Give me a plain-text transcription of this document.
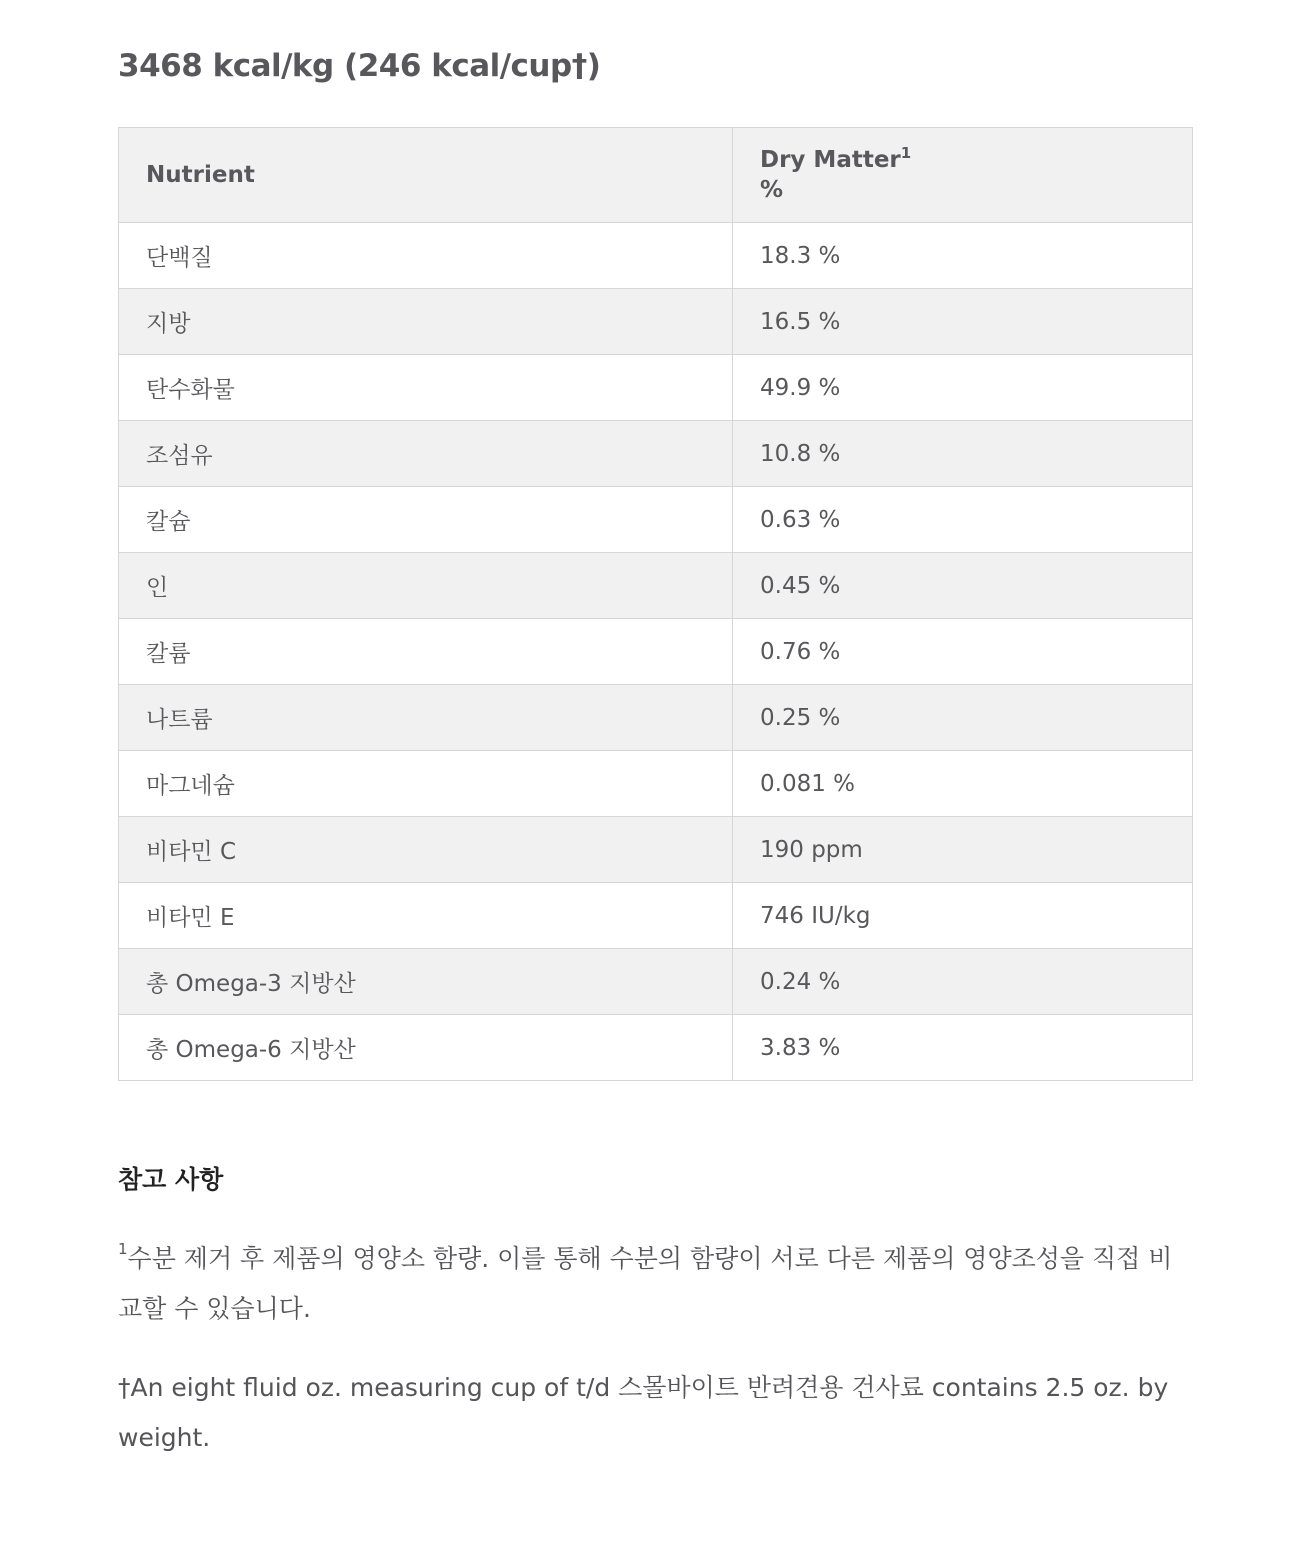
3468 kcal/kg (246 kcal/cup†)
Nutrient	Dry Matter$^1$
%

단백질	18.3 %
지방	16.5 %
탄수화물	49.9 %
조섬유	10.8 %
칼슘	0.63 %
인	0.45 %
칼륨	0.76 %
나트륨	0.25 %
마그네슘	0.081 %
비타민 C	190 ppm
비타민 E	746 IU/kg
총 Omega-3 지방산	0.24 %
총 Omega-6 지방산	3.83 %
참고 사항

$^1$수분 제거 후 제품의 영양소 함량. 이를 통해 수분의 함량이 서로 다른 제품의 영양조성을 직접 비교할 수 있습니다.

†An eight fluid oz. measuring cup of t/d 스몰바이트 반려견용 건사료 contains 2.5 oz. by weight.
